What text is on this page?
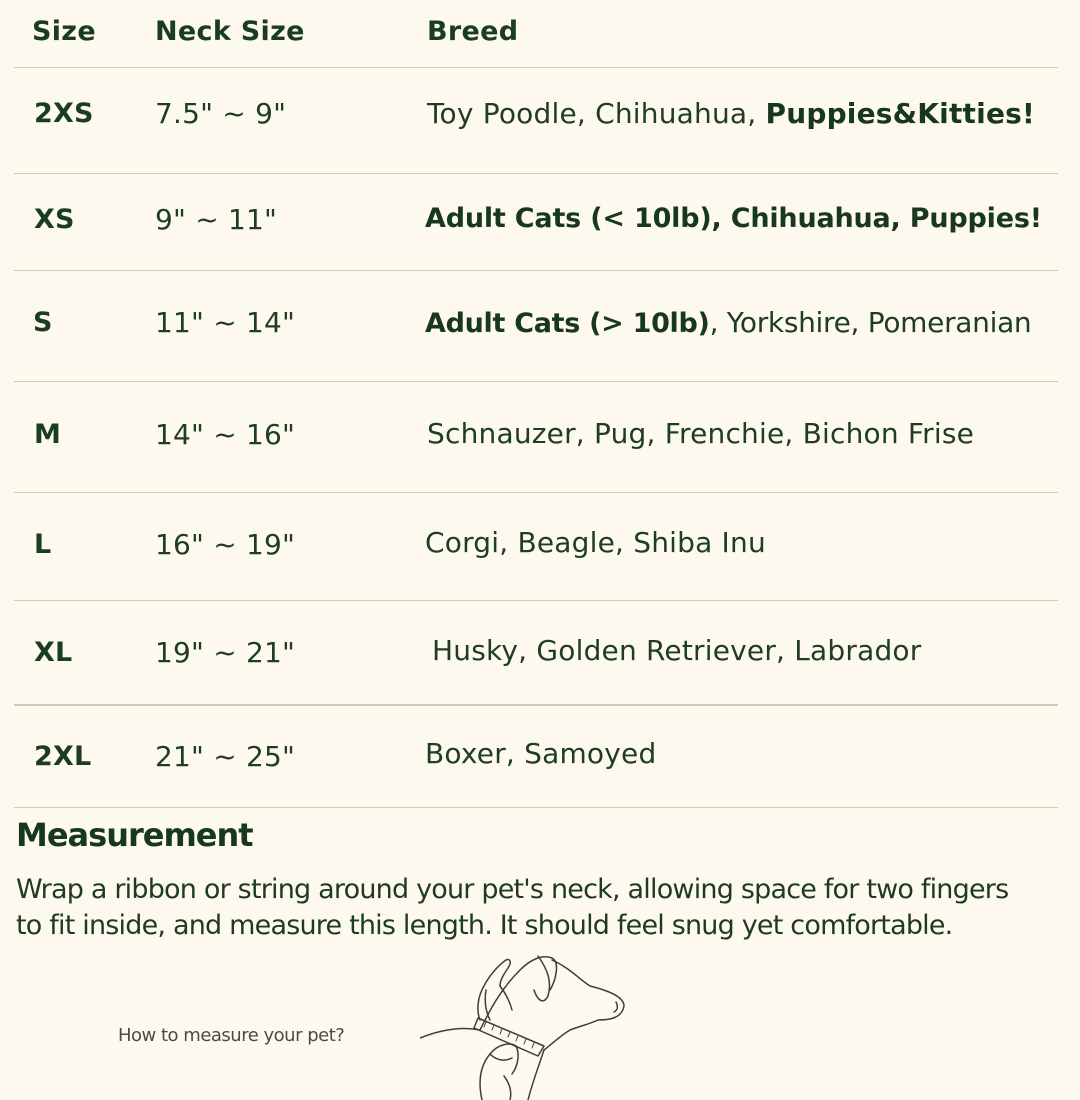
Size Neck Size	Breed
2XS 7.5" ~ 9"	Toy Poodle, Chihuahua, Puppies&Kitties!
XS	9" ~ 11"	Adult Cats (< 10lb), Chihuahua, Puppies!
S	11" ~ 14"	Adult Cats (> 10lb), Yorkshire, Pomeranian
M	14" ~ 16"	Schnauzer, Pug, Frenchie, Bichon Frise
L	16" ~ 19"	Corgi, Beagle, Shiba Inu
XL	19" ~ 21"	Husky, Golden Retriever, Labrador
2XL 21" ~ 25"	Boxer, Samoyed
Measurement
Wrap a ribbon or string around your pet's neck, allowing space for two fingers to fit inside, and measure this length. It should feel snug yet comfortable.
How to measure your pet?
